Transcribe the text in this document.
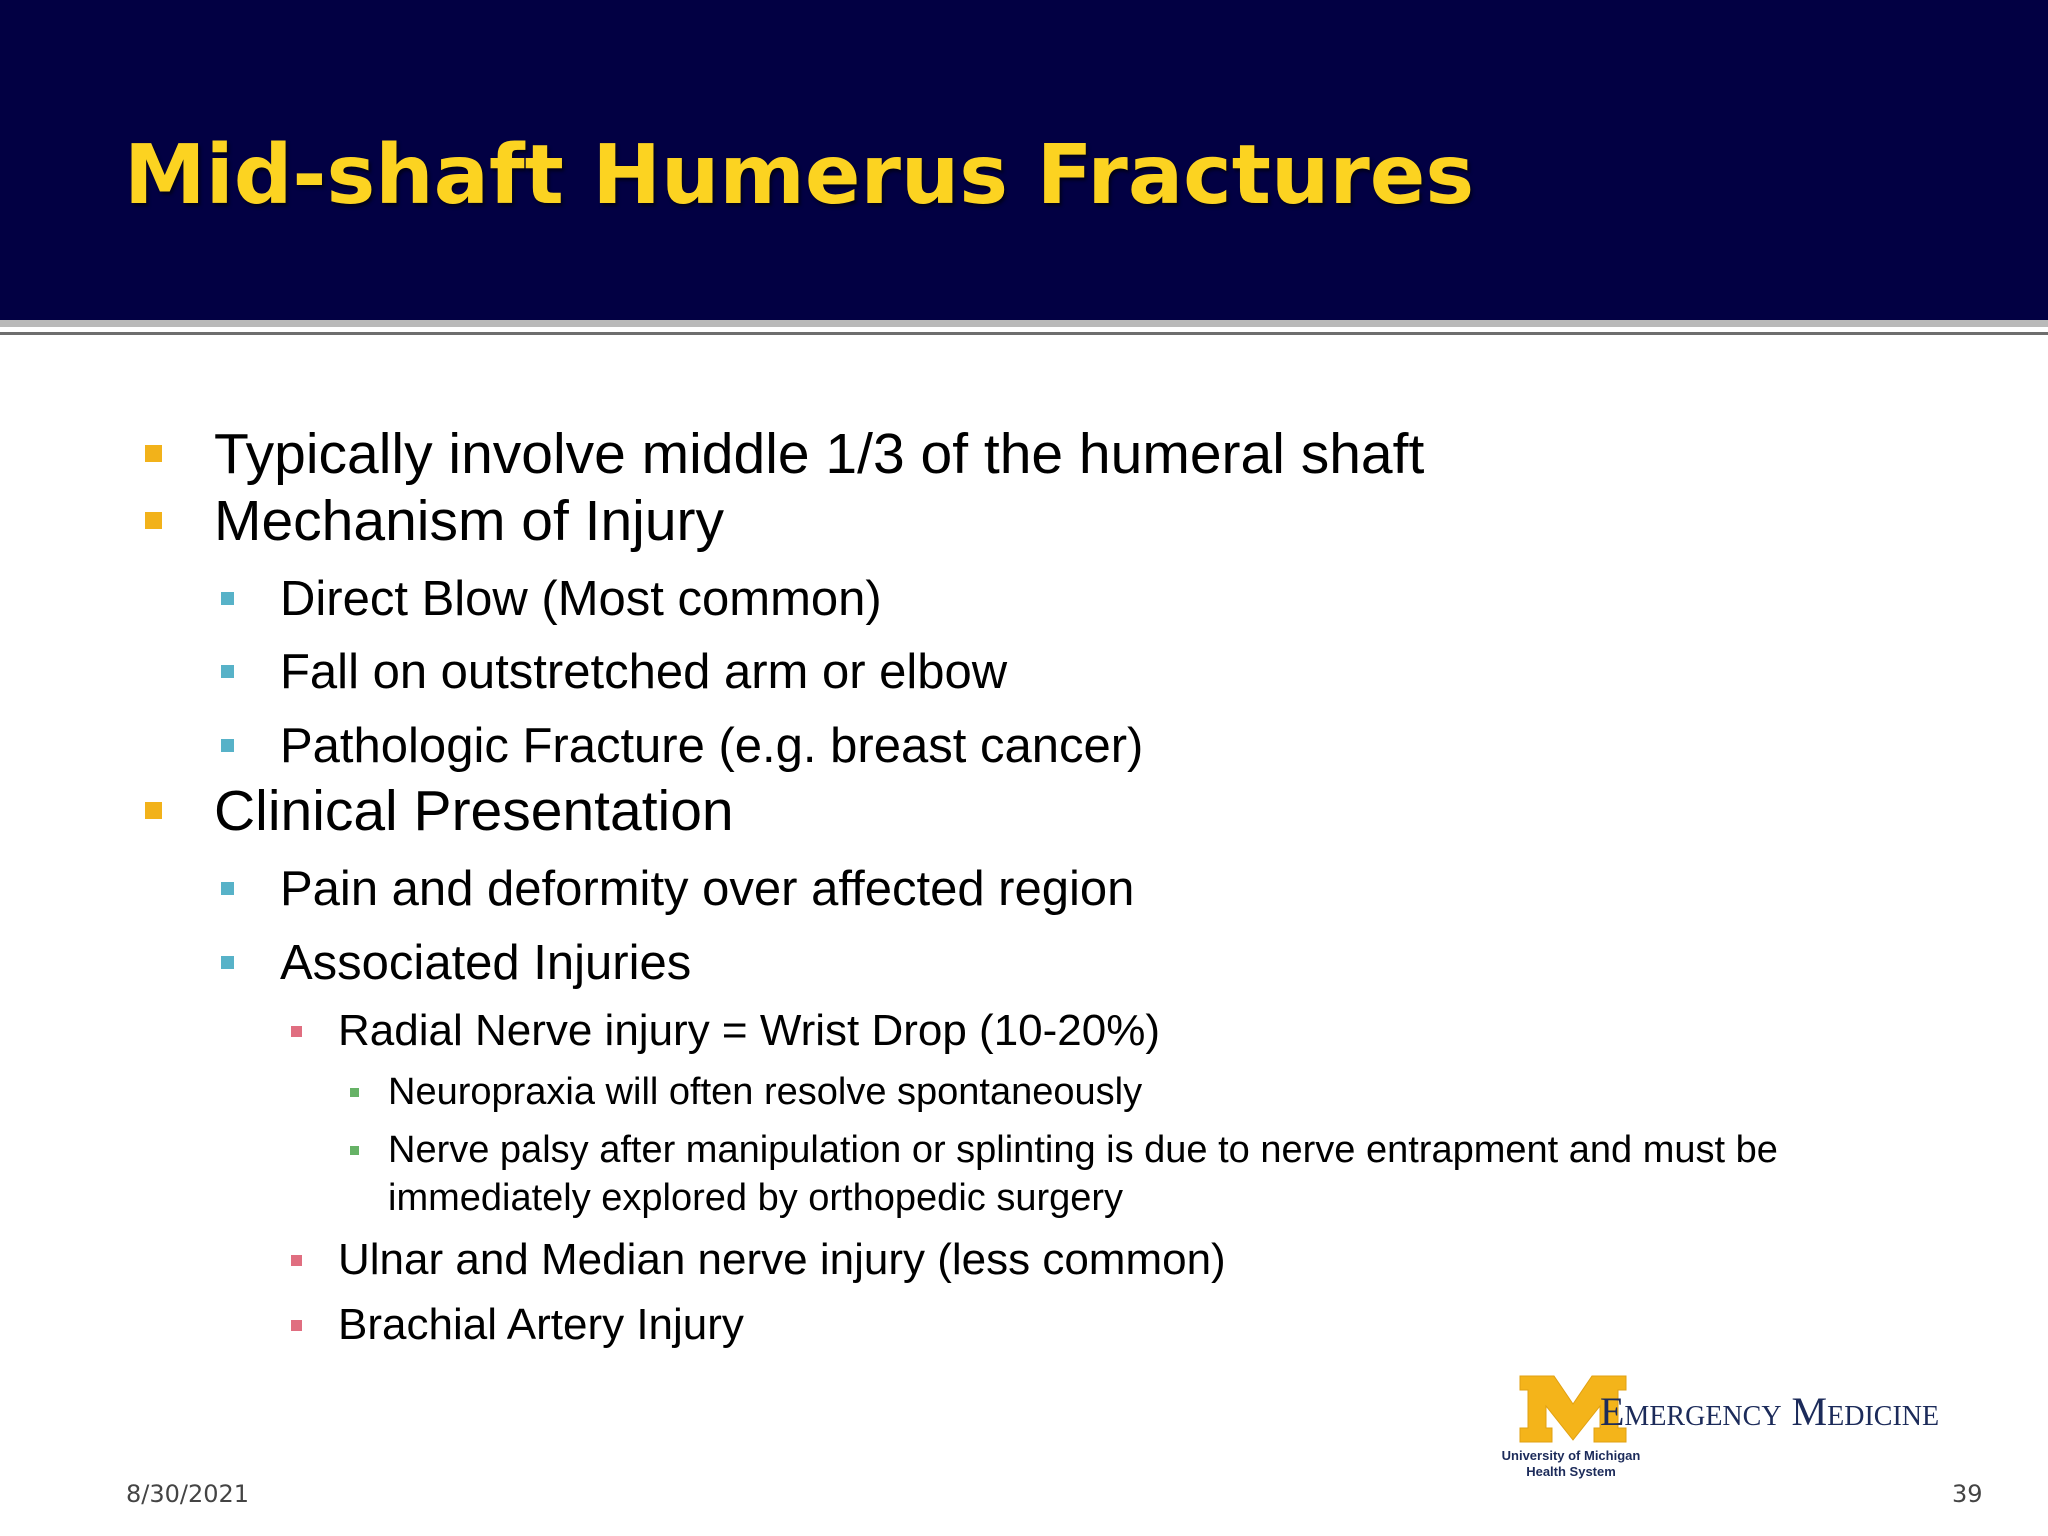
Mid-shaft Humerus Fractures
Typically involve middle 1/3 of the humeral shaft
Mechanism of Injury
Direct Blow (Most common)
Fall on outstretched arm or elbow
Pathologic Fracture (e.g. breast cancer)
Clinical Presentation
Pain and deformity over affected region
Associated Injuries
Radial Nerve injury = Wrist Drop (10-20%)
Neuropraxia will often resolve spontaneously
Nerve palsy after manipulation or splinting is due to nerve entrapment and must be
immediately explored by orthopedic surgery
Ulnar and Median nerve injury (less common)
Brachial Artery Injury
Emergency Medicine
University of Michigan
Health System
8/30/2021	39
